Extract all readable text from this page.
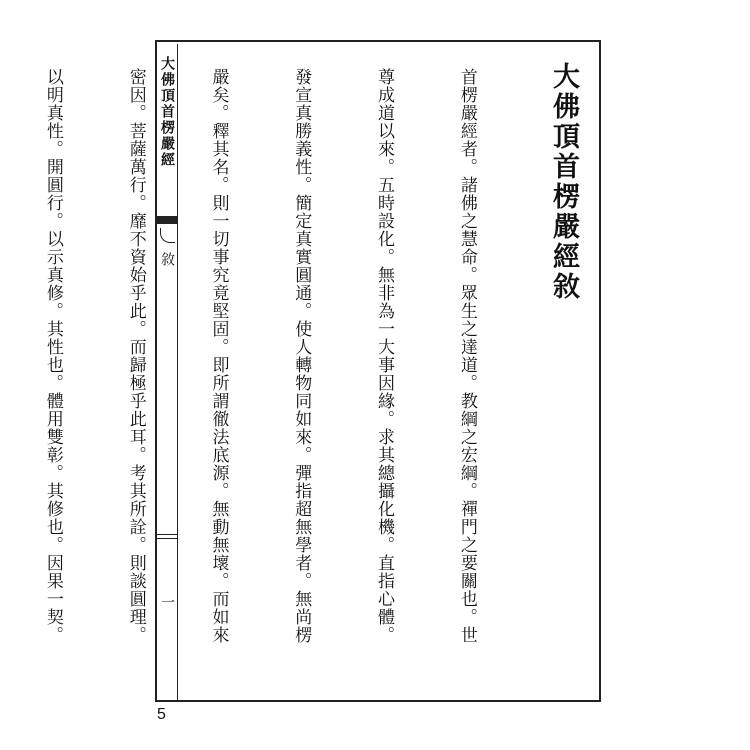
大佛頂首楞嚴經
敘
一
大佛頂首楞嚴經敘

首楞嚴經者。諸佛之慧命。眾生之達道。教綱之宏綱。禪門之要關也。世

尊成道以來。五時設化。無非為一大事因緣。求其總攝化機。直指心體。

發宣真勝義性。簡定真實圓通。使人轉物同如來。彈指超無學者。無尚楞

嚴矣。釋其名。則一切事究竟堅固。即所謂徹法底源。無動無壞。而如來

密因。菩薩萬行。靡不資始乎此。而歸極乎此耳。考其所詮。則談圓理。

以明真性。開圓行。以示真修。其性也。體用雙彰。其修也。因果一契。

5
